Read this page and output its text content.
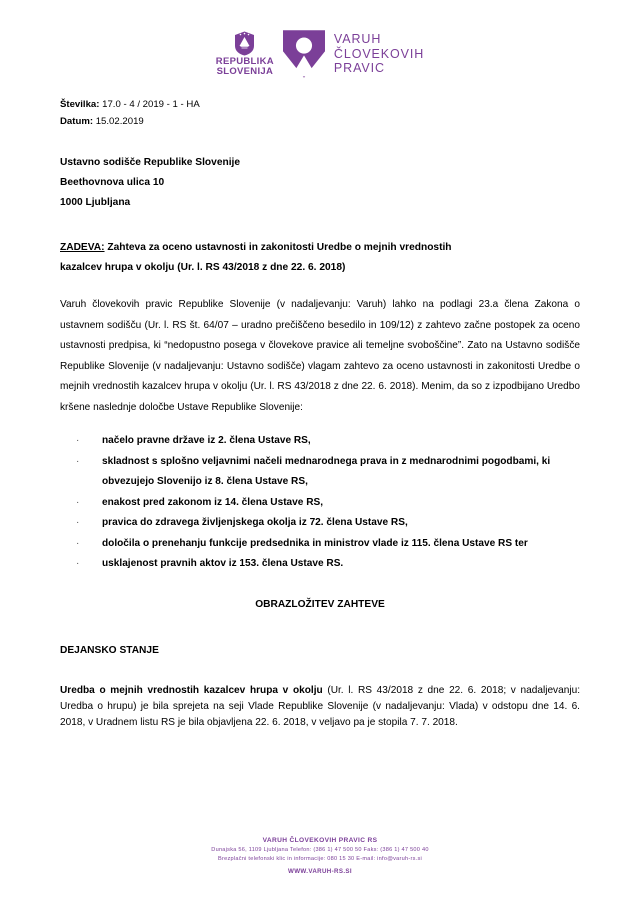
REPUBLIKA
SLOVENIJA
VARUH
ČLOVEKOVIH
PRAVIC
Številka: 17.0 - 4 / 2019 - 1 - HA
Datum: 15.02.2019
Ustavno sodišče Republike Slovenije
Beethovnova ulica 10
1000 Ljubljana
ZADEVA: Zahteva za oceno ustavnosti in zakonitosti Uredbe o mejnih vrednostih
kazalcev hrupa v okolju (Ur. l. RS 43/2018 z dne 22. 6. 2018)
Varuh človekovih pravic Republike Slovenije (v nadaljevanju: Varuh) lahko na podlagi 23.a člena Zakona o ustavnem sodišču (Ur. l. RS št. 64/07 – uradno prečiščeno besedilo in 109/12) z zahtevo začne postopek za oceno ustavnosti predpisa, ki “nedopustno posega v človekove pravice ali temeljne svoboščine”. Zato na Ustavno sodišče Republike Slovenije (v nadaljevanju: Ustavno sodišče) vlagam zahtevo za oceno ustavnosti in zakonitosti Uredbe o mejnih vrednostih kazalcev hrupa v okolju (Ur. l. RS 43/2018 z dne 22. 6. 2018). Menim, da so z izpodbijano Uredbo kršene naslednje določbe Ustave Republike Slovenije:
· načelo pravne države iz 2. člena Ustave RS,
· skladnost s splošno veljavnimi načeli mednarodnega prava in z mednarodnimi pogodbami, ki obvezujejo Slovenijo iz 8. člena Ustave RS,
· enakost pred zakonom iz 14. člena Ustave RS,
· pravica do zdravega življenjskega okolja iz 72. člena Ustave RS,
· določila o prenehanju funkcije predsednika in ministrov vlade iz 115. člena Ustave RS ter
· usklajenost pravnih aktov iz 153. člena Ustave RS.
OBRAZLOŽITEV ZAHTEVE
DEJANSKO STANJE
Uredba o mejnih vrednostih kazalcev hrupa v okolju (Ur. l. RS 43/2018 z dne 22. 6. 2018; v nadaljevanju: Uredba o hrupu) je bila sprejeta na seji Vlade Republike Slovenije (v nadaljevanju: Vlada) v odstopu dne 14. 6. 2018, v Uradnem listu RS je bila objavljena 22. 6. 2018, v veljavo pa je stopila 7. 7. 2018.
VARUH ČLOVEKOVIH PRAVIC RS
Dunajska 56, 1109 Ljubljana Telefon: (386 1) 47 500 50 Faks: (386 1) 47 500 40
Brezplačni telefonski klic in informacije: 080 15 30 E-mail: info@varuh-rs.si
WWW.VARUH-RS.SI
